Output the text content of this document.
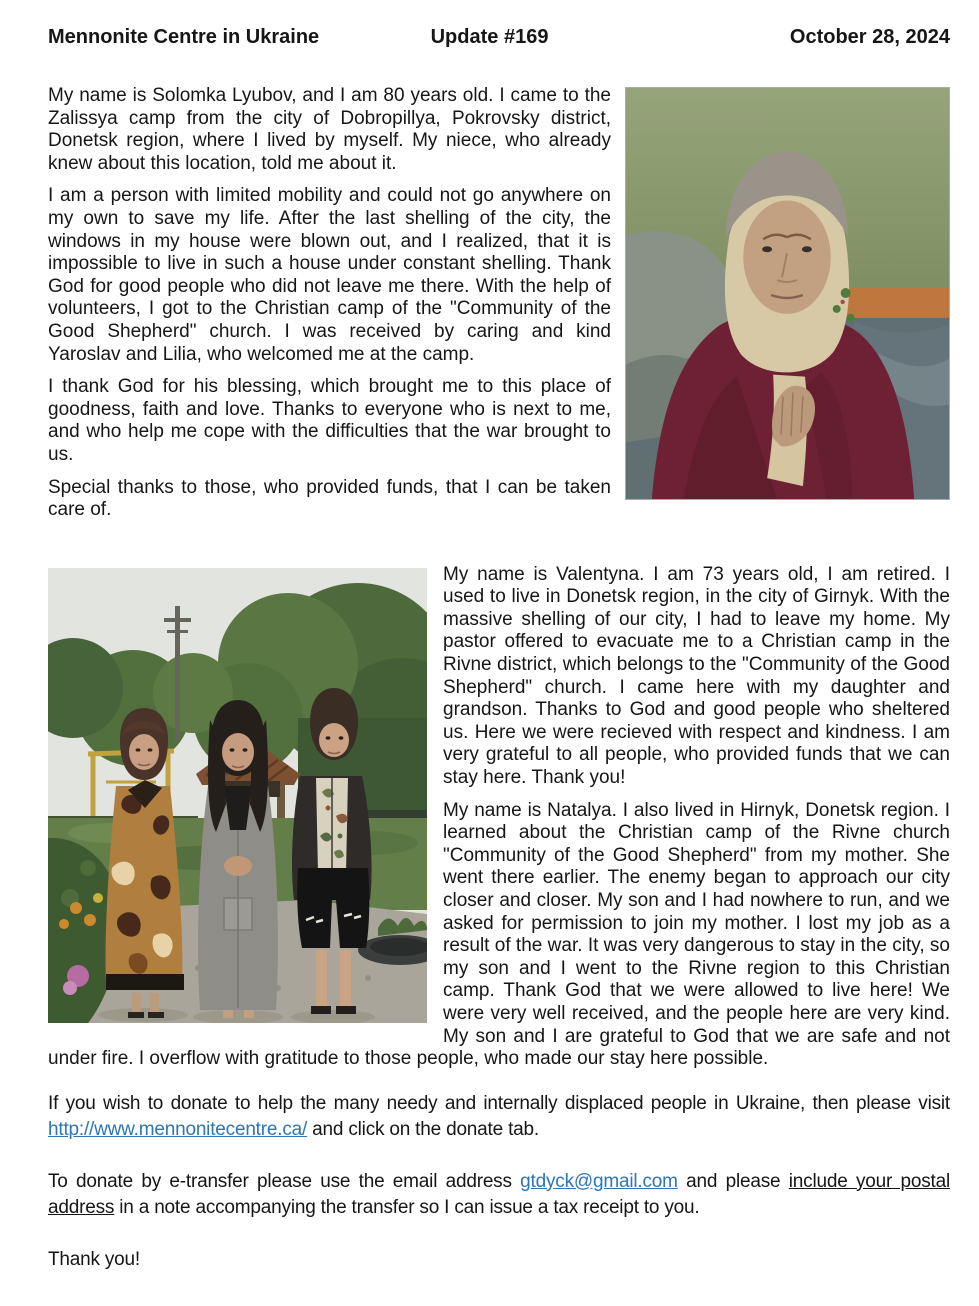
Mennonite Centre in Ukraine	Update #169	October 28, 2024

My name is Solomka Lyubov, and I am 80 years old. I came to the Zalissya camp from the city of Dobropillya, Pokrovsky district, Donetsk region, where I lived by myself. My niece, who already knew about this location, told me about it.

I am a person with limited mobility and could not go anywhere on my own to save my life. After the last shelling of the city, the windows in my house were blown out, and I realized, that it is impossible to live in such a house under constant shelling. Thank God for good people who did not leave me there. With the help of volunteers, I got to the Christian camp of the "Community of the Good Shepherd" church. I was received by caring and kind Yaroslav and Lilia, who welcomed me at the camp.

I thank God for his blessing, which brought me to this place of goodness, faith and love. Thanks to everyone who is next to me, and who help me cope with the difficulties that the war brought to us.

Special thanks to those, who provided funds, that I can be taken care of.

My name is Valentyna. I am 73 years old, I am retired. I used to live in Donetsk region, in the city of Girnyk. With the massive shelling of our city, I had to leave my home. My pastor offered to evacuate me to a Christian camp in the Rivne district, which belongs to the "Community of the Good Shepherd" church. I came here with my daughter and grandson. Thanks to God and good people who sheltered us. Here we were recieved with respect and kindness. I am very grateful to all people, who provided funds that we can stay here. Thank you!

My name is Natalya. I also lived in Hirnyk, Donetsk region. I learned about the Christian camp of the Rivne church "Community of the Good Shepherd" from my mother. She went there earlier. The enemy began to approach our city closer and closer. My son and I had nowhere to run, and we asked for permission to join my mother. I lost my job as a result of the war. It was very dangerous to stay in the city, so my son and I went to the Rivne region to this Christian camp. Thank God that we were allowed to live here! We were very well received, and the people here are very kind. My son and I are grateful to God that we are safe and not under fire. I overflow with gratitude to those people, who made our stay here possible.

If you wish to donate to help the many needy and internally displaced people in Ukraine, then please visit http://www.mennonitecentre.ca/ and click on the donate tab.

To donate by e-transfer please use the email address gtdyck@gmail.com and please include your postal address in a note accompanying the transfer so I can issue a tax receipt to you.

Thank you!
